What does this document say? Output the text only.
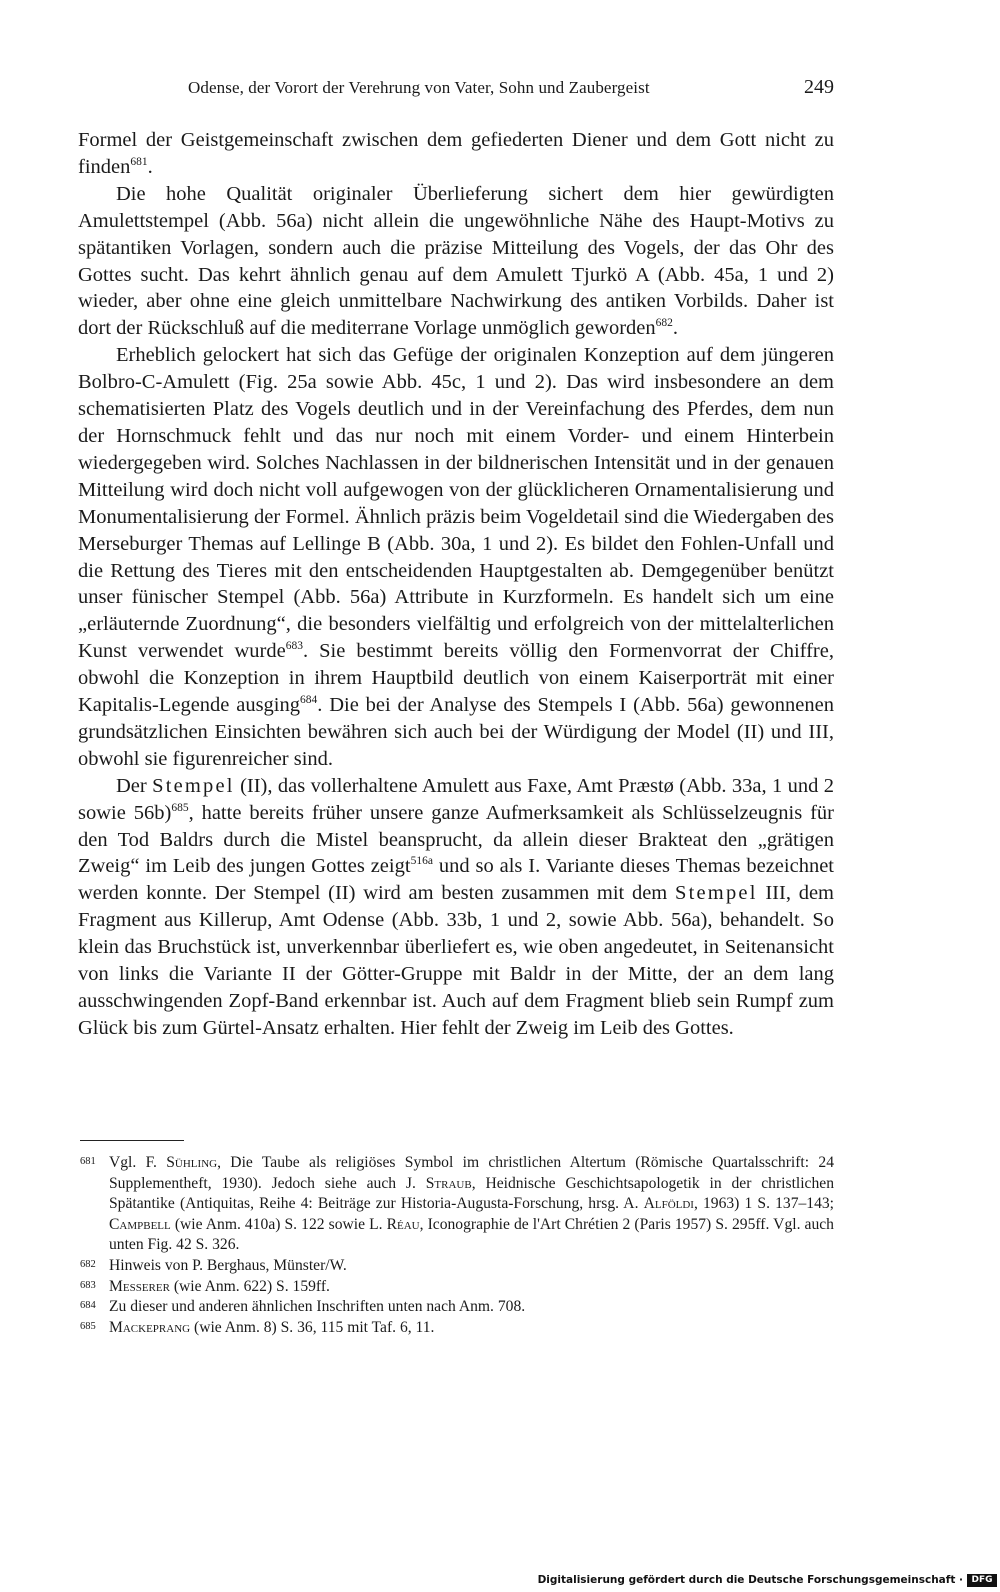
Odense, der Vorort der Verehrung von Vater, Sohn und Zaubergeist	249

Formel der Geistgemeinschaft zwischen dem gefiederten Diener und dem Gott nicht zu finden$^{681}$.

Die hohe Qualität originaler Überlieferung sichert dem hier gewürdigten Amulettstempel (Abb. 56a) nicht allein die ungewöhnliche Nähe des Haupt-Motivs zu spätantiken Vorlagen, sondern auch die präzise Mitteilung des Vogels, der das Ohr des Gottes sucht. Das kehrt ähnlich genau auf dem Amulett Tjurkö A (Abb. 45a, 1 und 2) wieder, aber ohne eine gleich unmittelbare Nachwirkung des antiken Vorbilds. Daher ist dort der Rückschluß auf die mediterrane Vorlage unmöglich geworden$^{682}$.

Erheblich gelockert hat sich das Gefüge der originalen Konzeption auf dem jüngeren Bolbro-C-Amulett (Fig. 25a sowie Abb. 45c, 1 und 2). Das wird insbesondere an dem schematisierten Platz des Vogels deutlich und in der Vereinfachung des Pferdes, dem nun der Hornschmuck fehlt und das nur noch mit einem Vorder- und einem Hinterbein wiedergegeben wird. Solches Nachlassen in der bildnerischen Intensität und in der genauen Mitteilung wird doch nicht voll aufgewogen von der glücklicheren Ornamentalisierung und Monumentalisierung der Formel. Ähnlich präzis beim Vogeldetail sind die Wiedergaben des Merseburger Themas auf Lellinge B (Abb. 30a, 1 und 2). Es bildet den Fohlen-Unfall und die Rettung des Tieres mit den entscheidenden Hauptgestalten ab. Demgegenüber benützt unser fünischer Stempel (Abb. 56a) Attribute in Kurzformeln. Es handelt sich um eine „erläuternde Zuordnung“, die besonders vielfältig und erfolgreich von der mittelalterlichen Kunst verwendet wurde$^{683}$. Sie bestimmt bereits völlig den Formenvorrat der Chiffre, obwohl die Konzeption in ihrem Hauptbild deutlich von einem Kaiserporträt mit einer Kapitalis-Legende ausging$^{684}$. Die bei der Analyse des Stempels I (Abb. 56a) gewonnenen grundsätzlichen Einsichten bewähren sich auch bei der Würdigung der Model (II) und III, obwohl sie figurenreicher sind.

Der Stempel (II), das vollerhaltene Amulett aus Faxe, Amt Præstø (Abb. 33a, 1 und 2 sowie 56b)$^{685}$, hatte bereits früher unsere ganze Aufmerksamkeit als Schlüsselzeugnis für den Tod Baldrs durch die Mistel beansprucht, da allein dieser Brakteat den „grätigen Zweig“ im Leib des jungen Gottes zeigt$^{516a}$ und so als I. Variante dieses Themas bezeichnet werden konnte. Der Stempel (II) wird am besten zusammen mit dem Stempel III, dem Fragment aus Killerup, Amt Odense (Abb. 33b, 1 und 2, sowie Abb. 56a), behandelt. So klein das Bruchstück ist, unverkennbar überliefert es, wie oben angedeutet, in Seitenansicht von links die Variante II der Götter-Gruppe mit Baldr in der Mitte, der an dem lang ausschwingenden Zopf-Band erkennbar ist. Auch auf dem Fragment blieb sein Rumpf zum Glück bis zum Gürtel-Ansatz erhalten. Hier fehlt der Zweig im Leib des Gottes.

681 Vgl. F. Sühling, Die Taube als religiöses Symbol im christlichen Altertum (Römische Quartalsschrift: 24 Supplementheft, 1930). Jedoch siehe auch J. Straub, Heidnische Geschichtsapologetik in der christlichen Spätantike (Antiquitas, Reihe 4: Beiträge zur Historia-Augusta-Forschung, hrsg. A. Alföldi, 1963) 1 S. 137–143; Campbell (wie Anm. 410a) S. 122 sowie L. Réau, Iconographie de l'Art Chrétien 2 (Paris 1957) S. 295ff. Vgl. auch unten Fig. 42 S. 326.

682 Hinweis von P. Berghaus, Münster/W.

683 Messerer (wie Anm. 622) S. 159ff.

684 Zu dieser und anderen ähnlichen Inschriften unten nach Anm. 708.

685 Mackeprang (wie Anm. 8) S. 36, 115 mit Taf. 6, 11.

Digitalisierung gefördert durch die Deutsche Forschungsgemeinschaft · DFG
